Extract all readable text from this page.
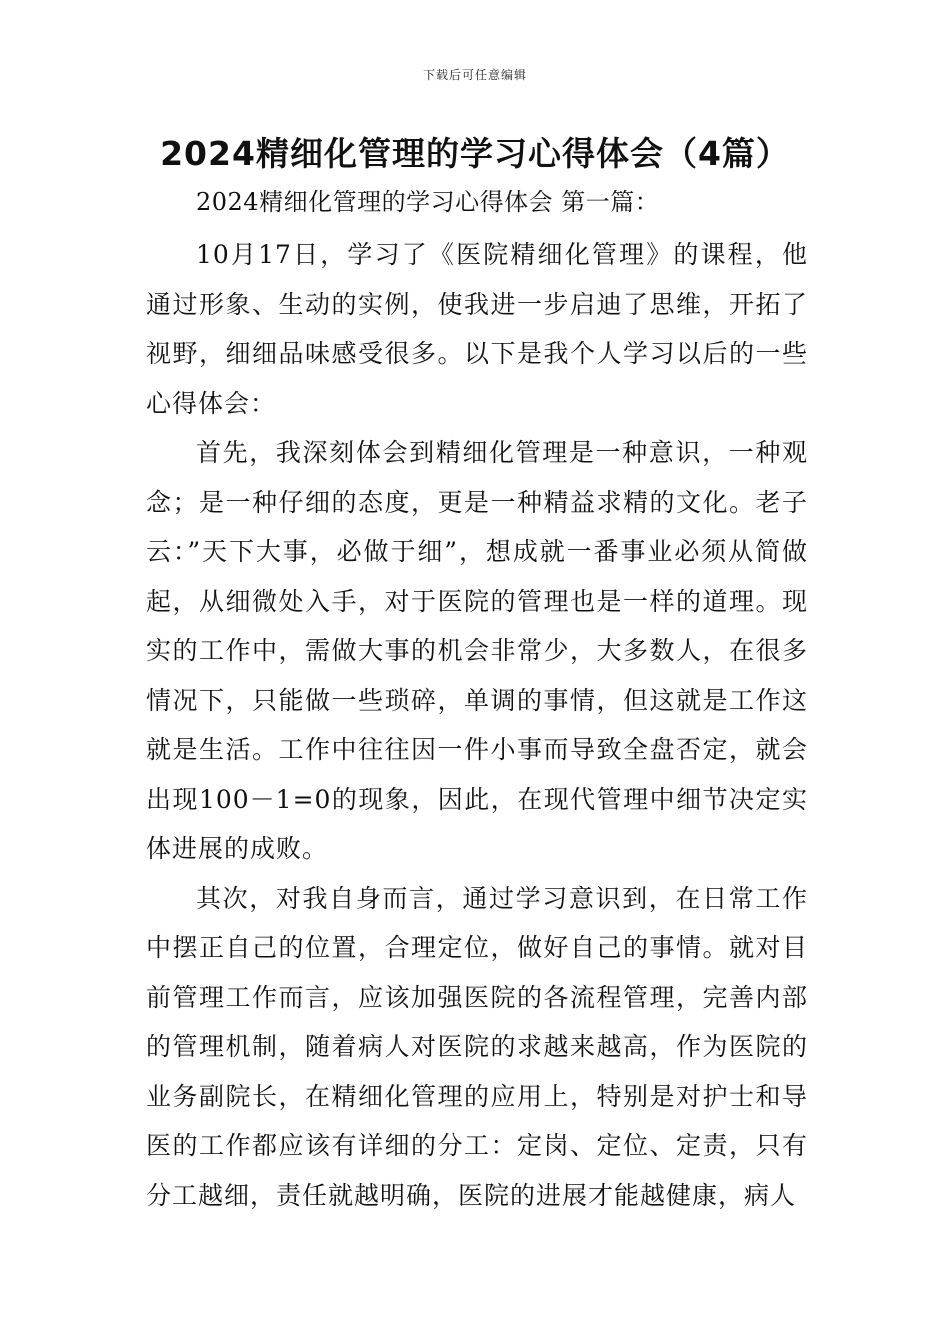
下载后可任意编辑
2024精细化管理的学习心得体会（4篇）
2024精细化管理的学习心得体会 第一篇：

10月17日，学习了《医院精细化管理》的课程，他通过形象、生动的实例，使我进一步启迪了思维，开拓了视野，细细品味感受很多。以下是我个人学习以后的一些心得体会：

首先，我深刻体会到精细化管理是一种意识，一种观念；是一种仔细的态度，更是一种精益求精的文化。老子云：”天下大事，必做于细”，想成就一番事业必须从简做起，从细微处入手，对于医院的管理也是一样的道理。现实的工作中，需做大事的机会非常少，大多数人，在很多情况下，只能做一些琐碎，单调的事情，但这就是工作这就是生活。工作中往往因一件小事而导致全盘否定，就会出现100－1=0的现象，因此，在现代管理中细节决定实体进展的成败。

其次，对我自身而言，通过学习意识到，在日常工作中摆正自己的位置，合理定位，做好自己的事情。就对目前管理工作而言，应该加强医院的各流程管理，完善内部的管理机制，随着病人对医院的求越来越高，作为医院的业务副院长，在精细化管理的应用上，特别是对护士和导医的工作都应该有详细的分工：定岗、定位、定责，只有分工越细，责任就越明确，医院的进展才能越健康，病人
